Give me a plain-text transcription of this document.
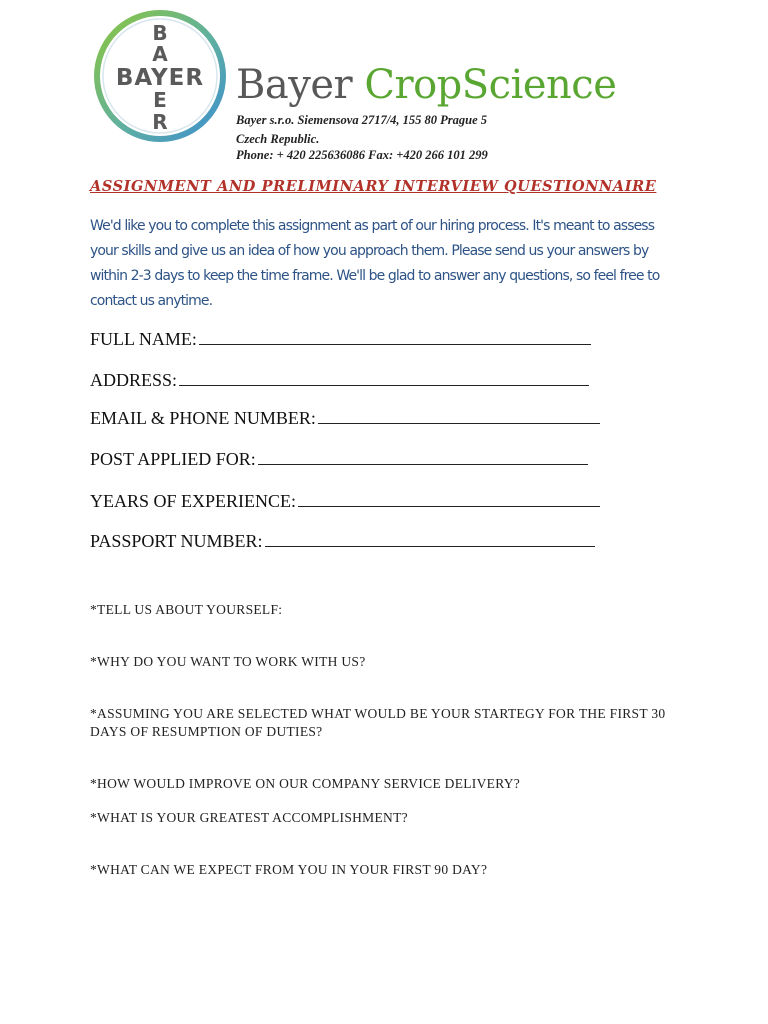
B
A
BAYER
E
R
Bayer CropScience
Bayer s.r.o. Siemensova 2717/4, 155 80 Prague 5
Czech Republic.
Phone: + 420 225636086 Fax: +420 266 101 299
ASSIGNMENT AND PRELIMINARY INTERVIEW QUESTIONNAIRE
We'd like you to complete this assignment as part of our hiring process. It's meant to assess your skills and give us an idea of how you approach them. Please send us your answers by within 2-3 days to keep the time frame. We'll be glad to answer any questions, so feel free to contact us anytime.
FULL NAME:
ADDRESS:
EMAIL & PHONE NUMBER:
POST APPLIED FOR:
YEARS OF EXPERIENCE:
PASSPORT NUMBER:
*TELL US ABOUT YOURSELF:
*WHY DO YOU WANT TO WORK WITH US?
*ASSUMING YOU ARE SELECTED WHAT WOULD BE YOUR STARTEGY FOR THE FIRST 30 DAYS OF RESUMPTION OF DUTIES?
*HOW WOULD IMPROVE ON OUR COMPANY SERVICE DELIVERY?
*WHAT IS YOUR GREATEST ACCOMPLISHMENT?
*WHAT CAN WE EXPECT FROM YOU IN YOUR FIRST 90 DAY?
